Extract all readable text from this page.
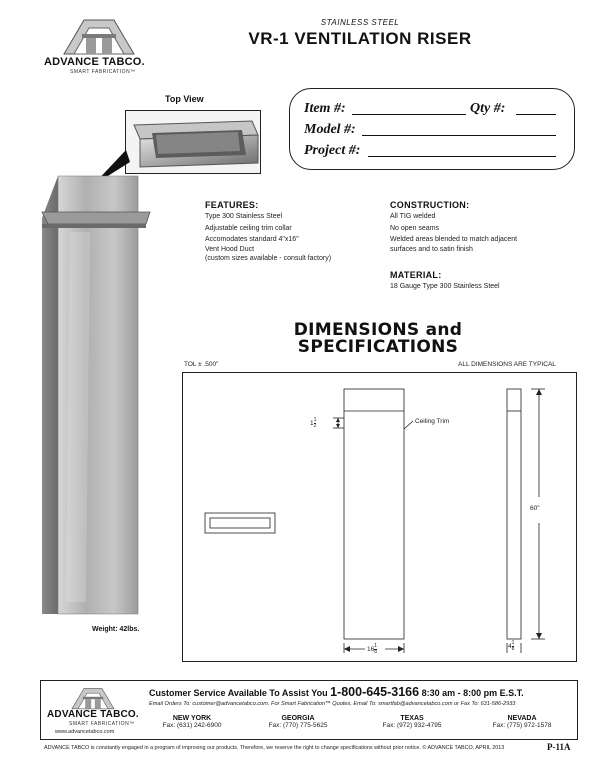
ADVANCE TABCO.
SMART FABRICATION™
STAINLESS STEEL
VR-1 VENTILATION RISER
Top View
Item #:	Qty #:
Model #:
Project #:
Weight: 42lbs.
FEATURES:
Type 300 Stainless Steel
Adjustable ceiling trim collar
Accomodates standard 4"x16"
Vent Hood Duct
(custom sizes available - consult factory)
CONSTRUCTION:
All TIG welded
No open seams
Welded areas blended to match adjacent
surfaces and to satin finish
MATERIAL:
18 Gauge Type 300 Stainless Steel
DIMENSIONS and
SPECIFICATIONS
TOL ± .500"	ALL DIMENSIONS ARE TYPICAL
$1 \frac{1}{2}$	Ceiling Trim
60"
$16 \frac{1}{8}$	$4 \frac{1}{8}$
ADVANCE TABCO.
SMART FABRICATION™
www.advancetabco.com
Customer Service Available To Assist You 1-800-645-3166 8:30 am - 8:00 pm E.S.T.
Email Orders To: customer@advancetabco.com. For Smart Fabrication™ Quotes, Email To: smartfab@advancetabco.com or Fax To: 631-586-2933
NEW YORK
Fax: (631) 242-6900
GEORGIA
Fax: (770) 775-5625
TEXAS
Fax: (972) 932-4795
NEVADA
Fax: (775) 972-1578
ADVANCE TABCO is constantly engaged in a program of improving our products. Therefore, we reserve the right to change specifications without prior notice. © ADVANCE TABCO, APRIL 2013	P-11A
